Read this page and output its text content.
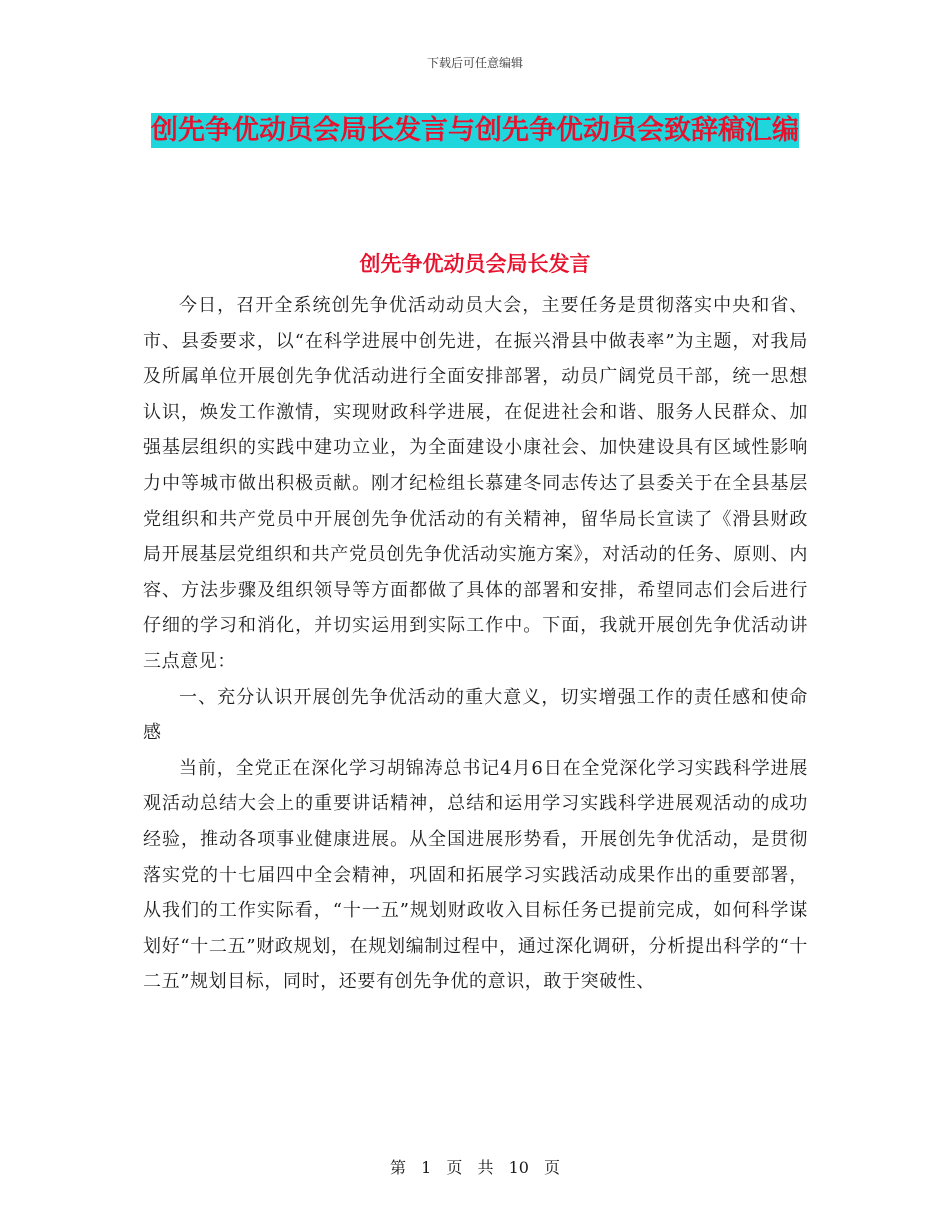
下载后可任意编辑
创先争优动员会局长发言与创先争优动员会致辞稿汇编
创先争优动员会局长发言

今日，召开全系统创先争优活动动员大会，主要任务是贯彻落实中央和省、市、县委要求，以“在科学进展中创先进，在振兴滑县中做表率”为主题，对我局及所属单位开展创先争优活动进行全面安排部署，动员广阔党员干部，统一思想认识，焕发工作激情，实现财政科学进展，在促进社会和谐、服务人民群众、加强基层组织的实践中建功立业，为全面建设小康社会、加快建设具有区域性影响力中等城市做出积极贡献。刚才纪检组长慕建冬同志传达了县委关于在全县基层党组织和共产党员中开展创先争优活动的有关精神，留华局长宣读了《滑县财政局开展基层党组织和共产党员创先争优活动实施方案》，对活动的任务、原则、内容、方法步骤及组织领导等方面都做了具体的部署和安排，希望同志们会后进行仔细的学习和消化，并切实运用到实际工作中。下面，我就开展创先争优活动讲三点意见：

一、充分认识开展创先争优活动的重大意义，切实增强工作的责任感和使命感

当前，全党正在深化学习胡锦涛总书记4月6日在全党深化学习实践科学进展观活动总结大会上的重要讲话精神，总结和运用学习实践科学进展观活动的成功经验，推动各项事业健康进展。从全国进展形势看，开展创先争优活动，是贯彻落实党的十七届四中全会精神，巩固和拓展学习实践活动成果作出的重要部署，从我们的工作实际看，“十一五”规划财政收入目标任务已提前完成，如何科学谋划好“十二五”财政规划，在规划编制过程中，通过深化调研，分析提出科学的“十二五”规划目标，同时，还要有创先争优的意识，敢于突破性、

第 1 页 共 10 页
